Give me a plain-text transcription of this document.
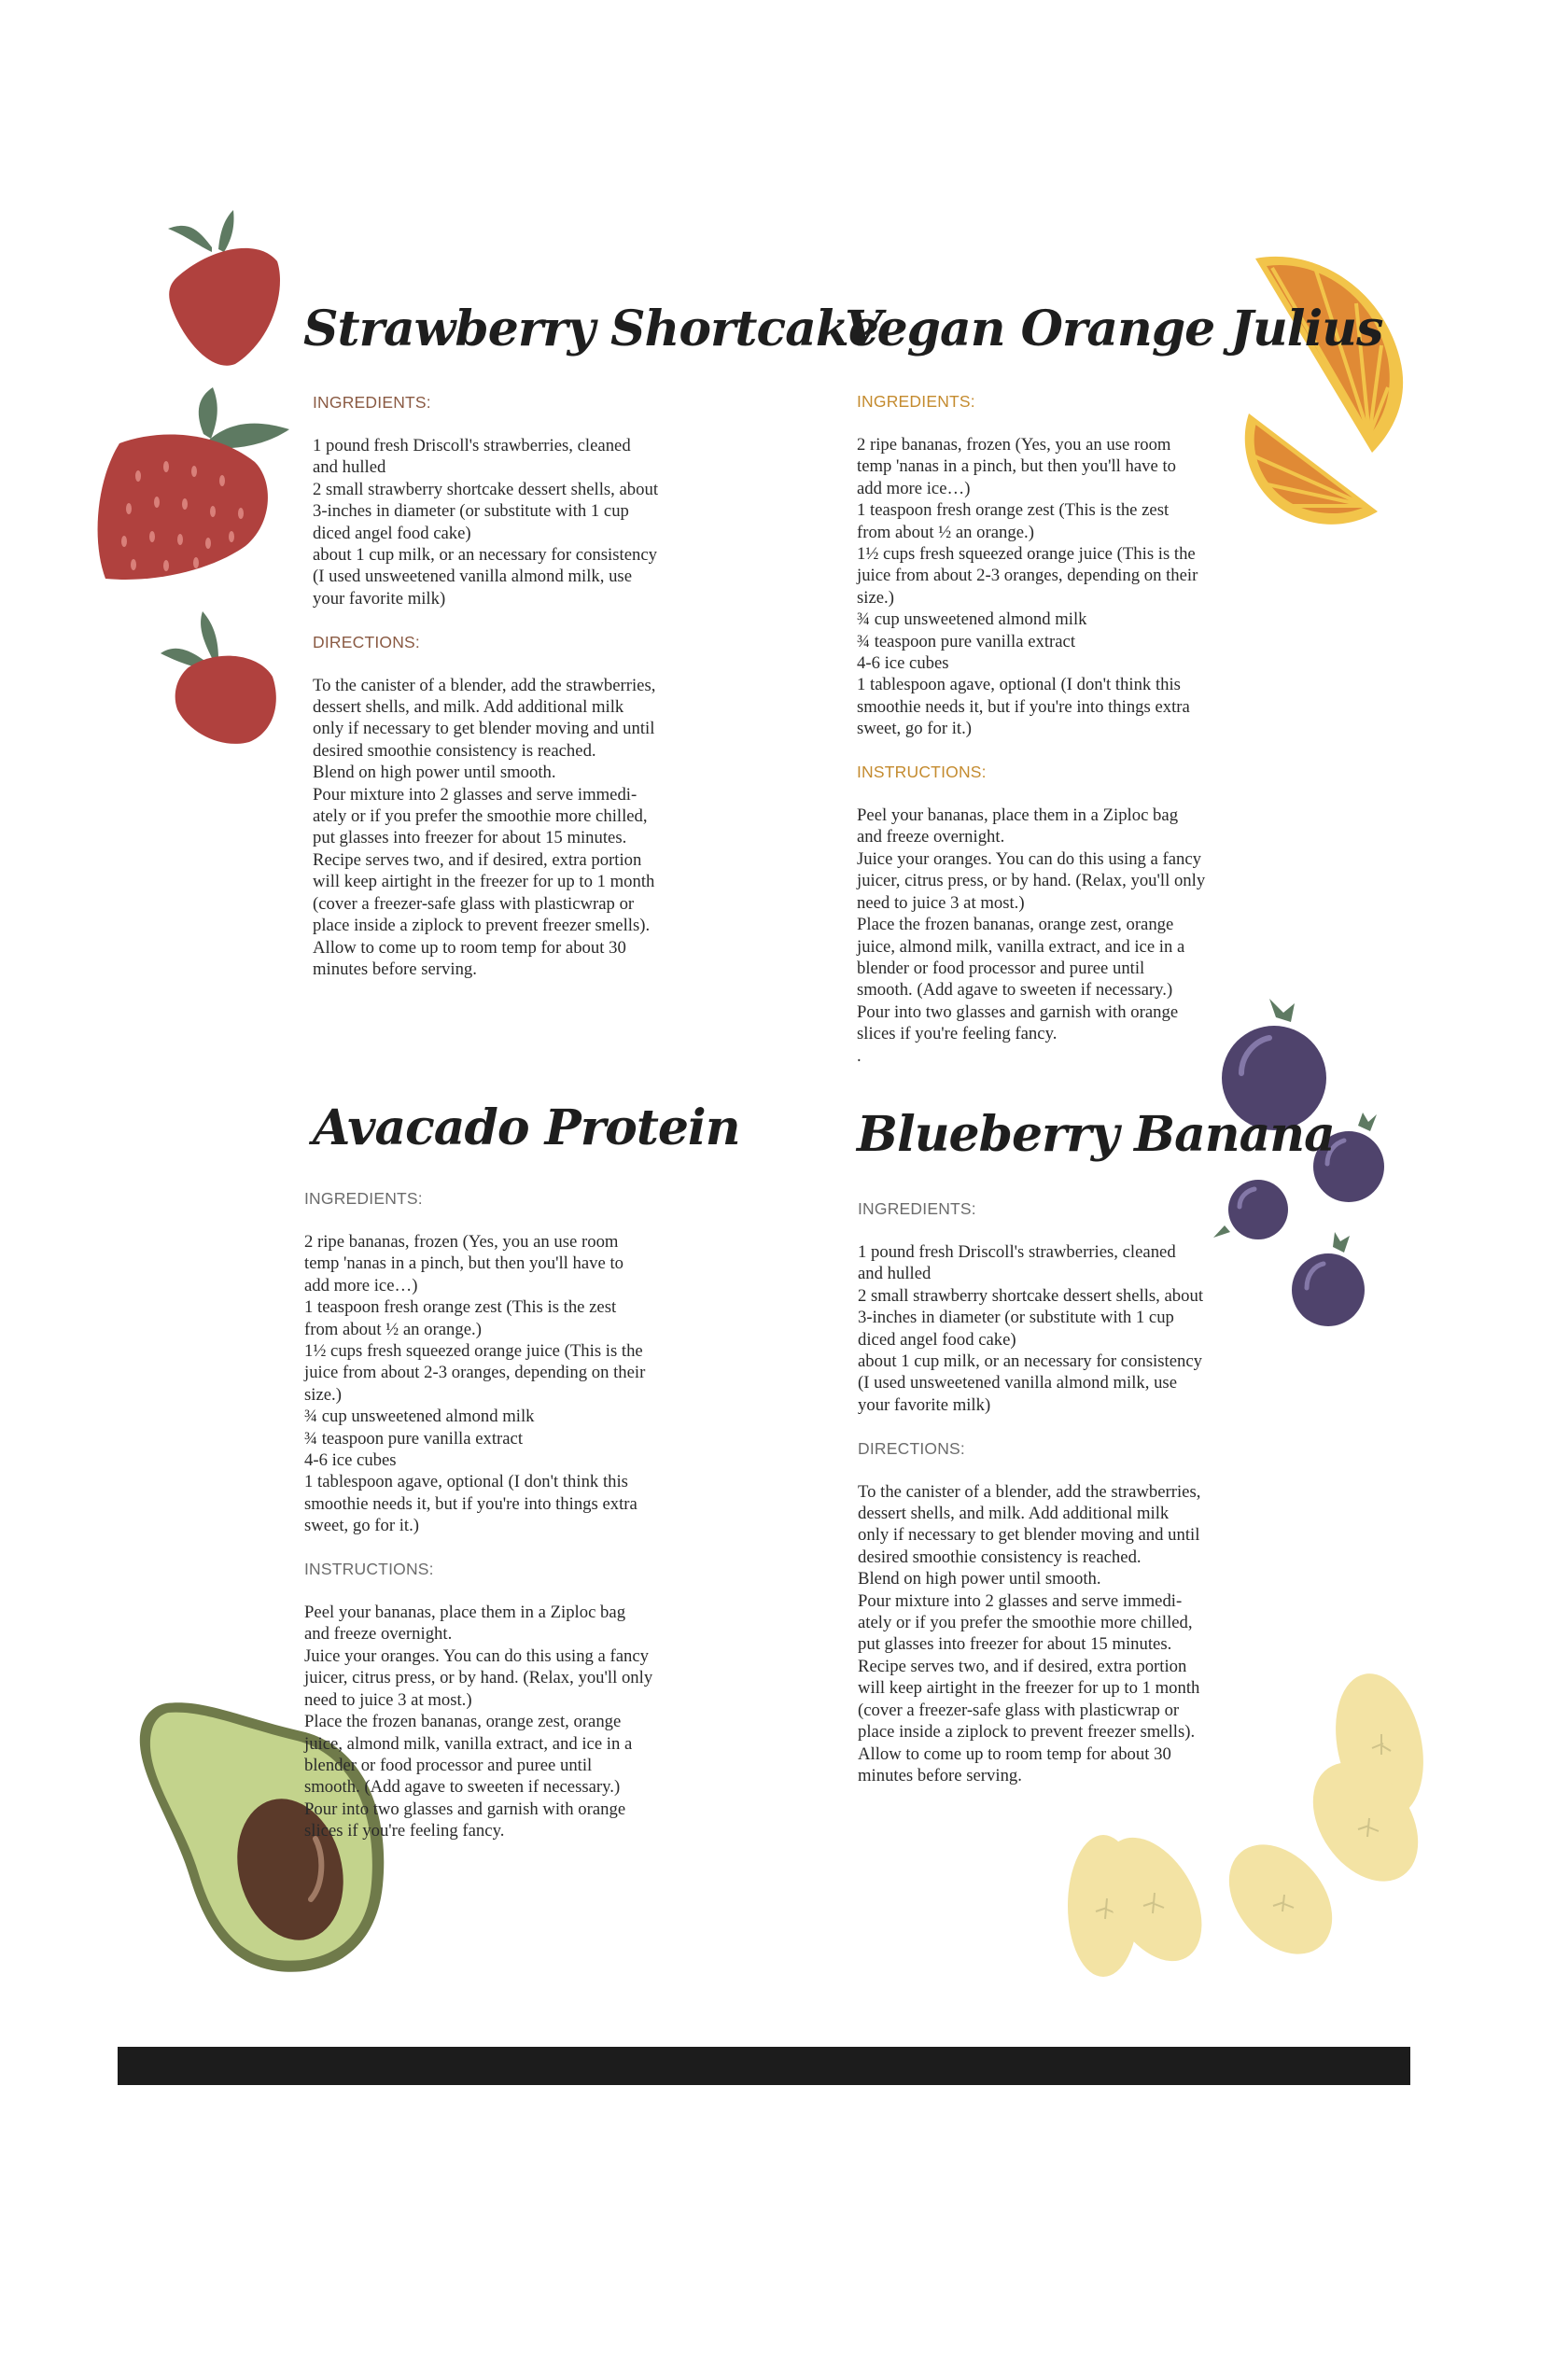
Strawberry Shortcake

INGREDIENTS:

1 pound fresh Driscoll's strawberries, cleaned
and hulled
2 small strawberry shortcake dessert shells, about
3-inches in diameter (or substitute with 1 cup
diced angel food cake)
about 1 cup milk, or an necessary for consistency
(I used unsweetened vanilla almond milk, use
your favorite milk)

DIRECTIONS:

To the canister of a blender, add the strawberries,
dessert shells, and milk. Add additional milk
only if necessary to get blender moving and until
desired smoothie consistency is reached.
Blend on high power until smooth.
Pour mixture into 2 glasses and serve immedi-
ately or if you prefer the smoothie more chilled,
put glasses into freezer for about 15 minutes.
Recipe serves two, and if desired, extra portion
will keep airtight in the freezer for up to 1 month
(cover a freezer-safe glass with plasticwrap or
place inside a ziplock to prevent freezer smells).
Allow to come up to room temp for about 30
minutes before serving.

Vegan Orange Julius

INGREDIENTS:

2 ripe bananas, frozen (Yes, you an use room
temp 'nanas in a pinch, but then you'll have to
add more ice…)
1 teaspoon fresh orange zest (This is the zest
from about ½ an orange.)
1½ cups fresh squeezed orange juice (This is the
juice from about 2-3 oranges, depending on their
size.)
¾ cup unsweetened almond milk
¾ teaspoon pure vanilla extract
4-6 ice cubes
1 tablespoon agave, optional (I don't think this
smoothie needs it, but if you're into things extra
sweet, go for it.)

INSTRUCTIONS:

Peel your bananas, place them in a Ziploc bag
and freeze overnight.
Juice your oranges. You can do this using a fancy
juicer, citrus press, or by hand. (Relax, you'll only
need to juice 3 at most.)
Place the frozen bananas, orange zest, orange
juice, almond milk, vanilla extract, and ice in a
blender or food processor and puree until
smooth. (Add agave to sweeten if necessary.)
Pour into two glasses and garnish with orange
slices if you're feeling fancy.
.

Avacado Protein

INGREDIENTS:

2 ripe bananas, frozen (Yes, you an use room
temp 'nanas in a pinch, but then you'll have to
add more ice…)
1 teaspoon fresh orange zest (This is the zest
from about ½ an orange.)
1½ cups fresh squeezed orange juice (This is the
juice from about 2-3 oranges, depending on their
size.)
¾ cup unsweetened almond milk
¾ teaspoon pure vanilla extract
4-6 ice cubes
1 tablespoon agave, optional (I don't think this
smoothie needs it, but if you're into things extra
sweet, go for it.)

INSTRUCTIONS:

Peel your bananas, place them in a Ziploc bag
and freeze overnight.
Juice your oranges. You can do this using a fancy
juicer, citrus press, or by hand. (Relax, you'll only
need to juice 3 at most.)
Place the frozen bananas, orange zest, orange
juice, almond milk, vanilla extract, and ice in a
blender or food processor and puree until
smooth. (Add agave to sweeten if necessary.)
Pour into two glasses and garnish with orange
slices if you're feeling fancy.

Blueberry Banana

INGREDIENTS:

1 pound fresh Driscoll's strawberries, cleaned
and hulled
2 small strawberry shortcake dessert shells, about
3-inches in diameter (or substitute with 1 cup
diced angel food cake)
about 1 cup milk, or an necessary for consistency
(I used unsweetened vanilla almond milk, use
your favorite milk)

DIRECTIONS:

To the canister of a blender, add the strawberries,
dessert shells, and milk. Add additional milk
only if necessary to get blender moving and until
desired smoothie consistency is reached.
Blend on high power until smooth.
Pour mixture into 2 glasses and serve immedi-
ately or if you prefer the smoothie more chilled,
put glasses into freezer for about 15 minutes.
Recipe serves two, and if desired, extra portion
will keep airtight in the freezer for up to 1 month
(cover a freezer-safe glass with plasticwrap or
place inside a ziplock to prevent freezer smells).
Allow to come up to room temp for about 30
minutes before serving.
